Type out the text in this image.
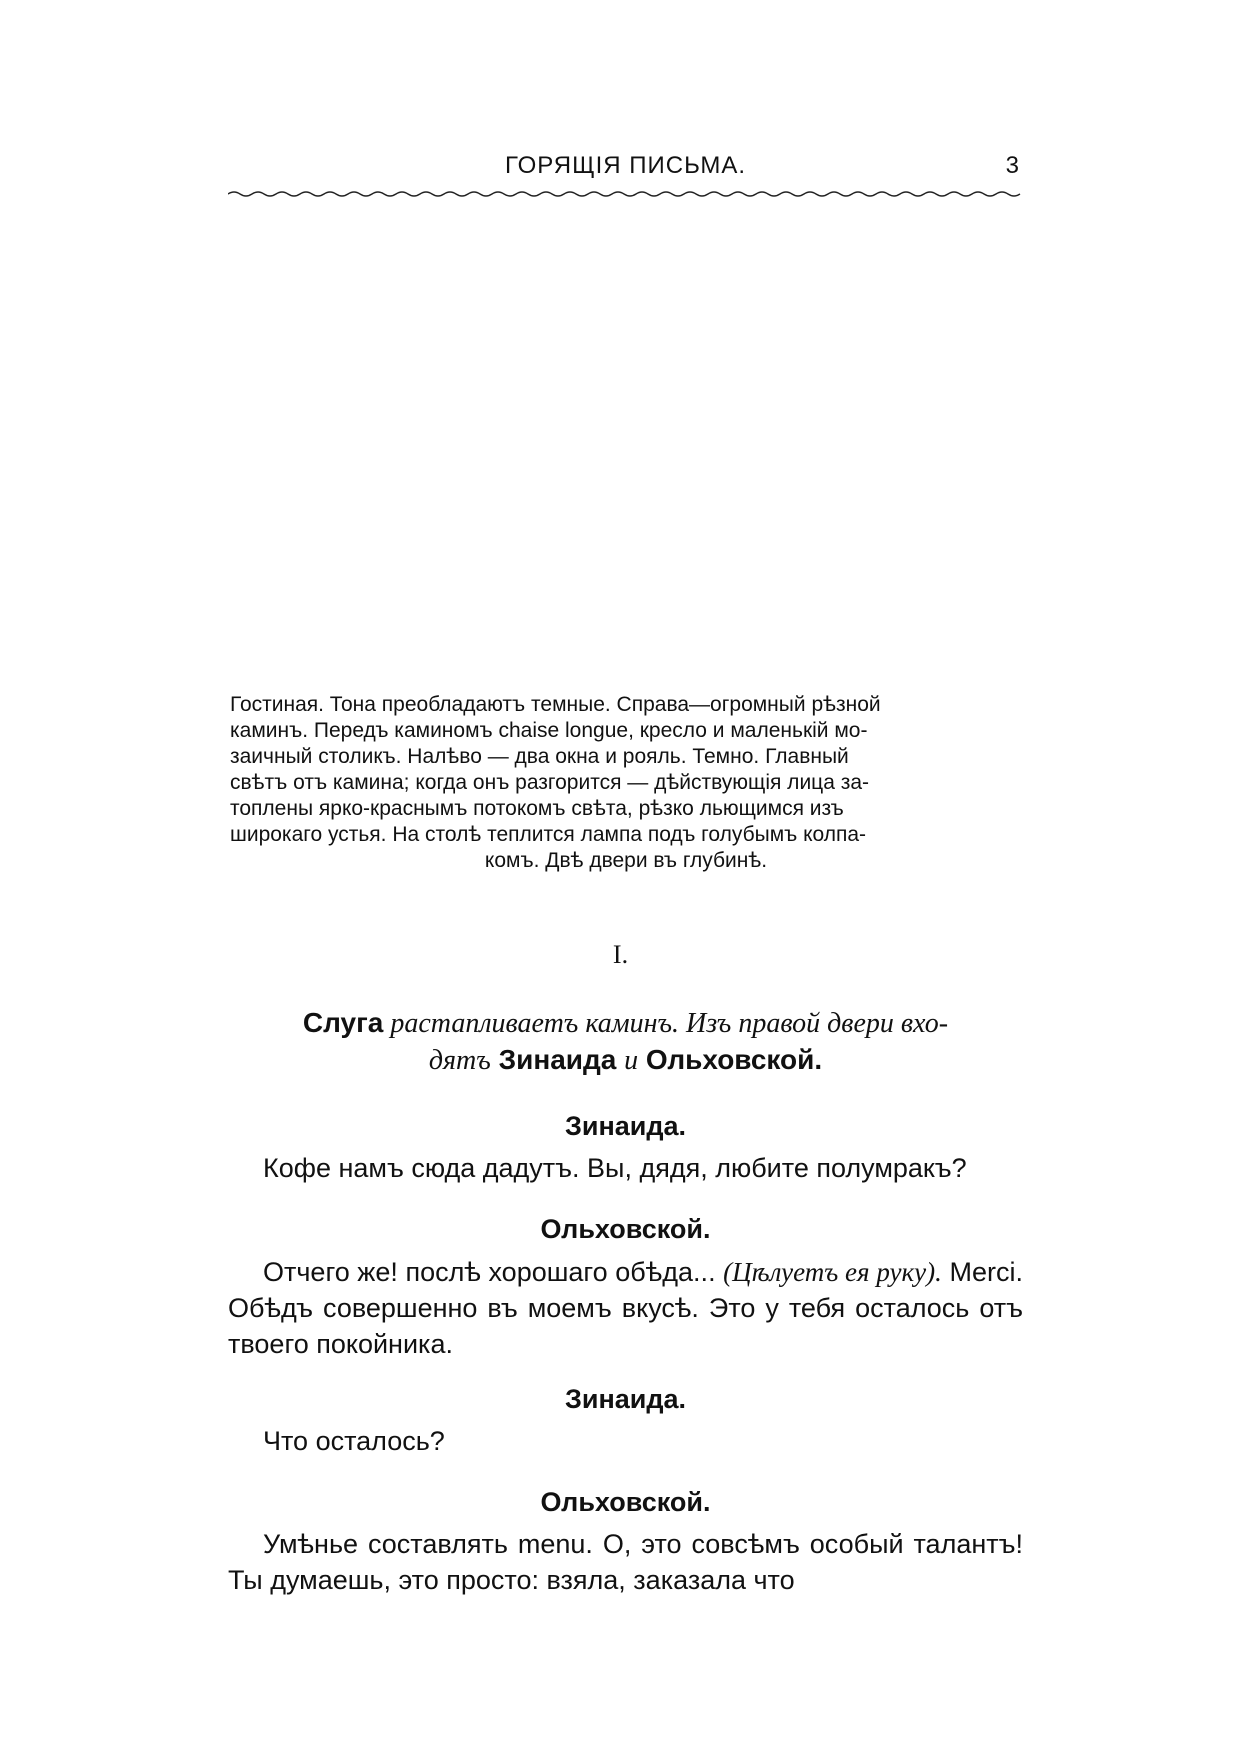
ГОРЯЩІЯ ПИСЬМА.	3
Гостиная. Тона преобладаютъ темные. Справа—огромный рѣзной
каминъ. Передъ каминомъ chaise longue, кресло и маленькій мо-
заичный столикъ. Налѣво — два окна и рояль. Темно. Главный
свѣтъ отъ камина; когда онъ разгорится — дѣйствующія лица за-
топлены ярко-краснымъ потокомъ свѣта, рѣзко льющимся изъ
широкаго устья. На столѣ теплится лампа подъ голубымъ колпа-
комъ. Двѣ двери въ глубинѣ.
I.
Слуга растапливаетъ каминъ. Изъ правой двери вхо-
дятъ Зинаида и Ольховской.
Зинаида.
Кофе намъ сюда дадутъ. Вы, дядя, любите полумракъ?
Ольховской.
Отчего же! послѣ хорошаго обѣда... (Цѣлуетъ ея руку). Merci. Обѣдъ совершенно въ моемъ вкусѣ. Это у тебя осталось отъ твоего покойника.
Зинаида.
Что осталось?
Ольховской.
Умѣнье составлять menu. О, это совсѣмъ особый талантъ! Ты думаешь, это просто: взяла, заказала что
